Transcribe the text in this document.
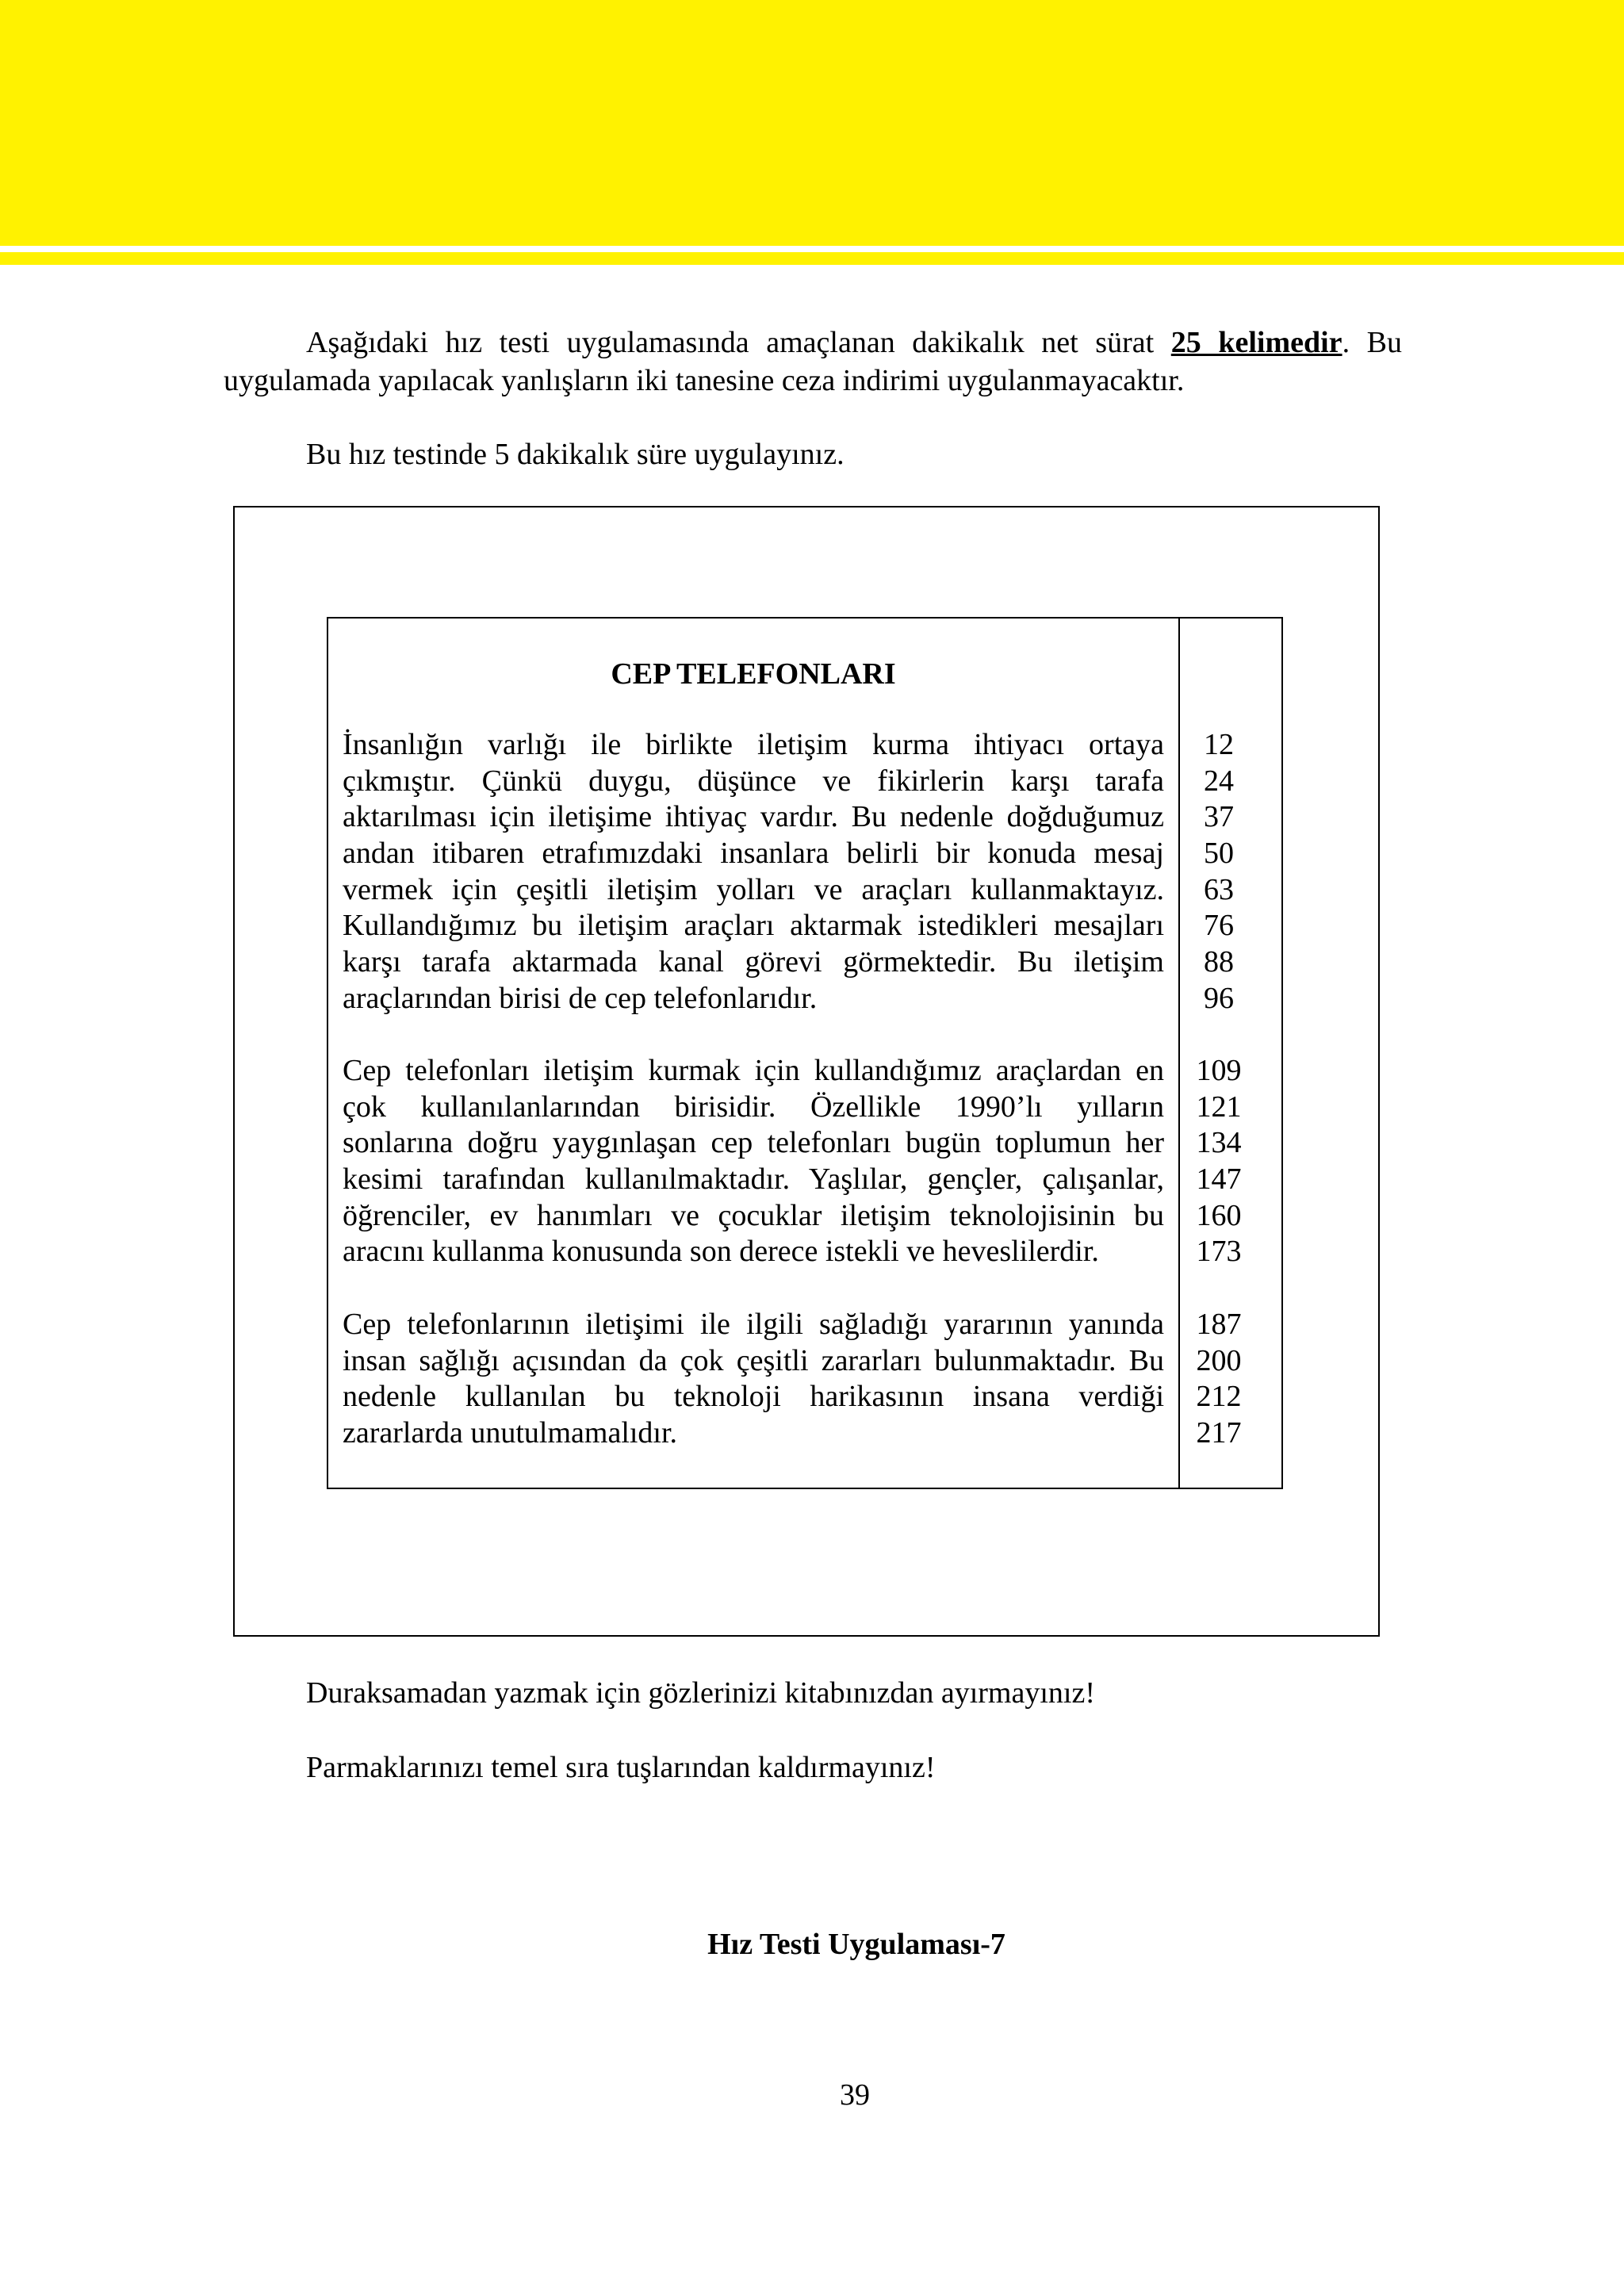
Aşağıdaki hız testi uygulamasında amaçlanan dakikalık net sürat 25 kelimedir. Bu uygulamada yapılacak yanlışların iki tanesine ceza indirimi uygulanmayacaktır.

Bu hız testinde 5 dakikalık süre uygulayınız.
CEP TELEFONLARI
İnsanlığın varlığı ile birlikte iletişim kurma ihtiyacı ortaya
çıkmıştır. Çünkü duygu, düşünce ve fikirlerin karşı tarafa
aktarılması için iletişime ihtiyaç vardır. Bu nedenle doğduğumuz
andan itibaren etrafımızdaki insanlara belirli bir konuda mesaj
vermek için çeşitli iletişim yolları ve araçları kullanmaktayız.
Kullandığımız bu iletişim araçları aktarmak istedikleri mesajları
karşı tarafa aktarmada kanal görevi görmektedir. Bu iletişim
araçlarından birisi de cep telefonlarıdır.
12
24
37
50
63
76
88
96
Cep telefonları iletişim kurmak için kullandığımız araçlardan en
çok kullanılanlarından birisidir. Özellikle 1990’lı yılların
sonlarına doğru yaygınlaşan cep telefonları bugün toplumun her
kesimi tarafından kullanılmaktadır. Yaşlılar, gençler, çalışanlar,
öğrenciler, ev hanımları ve çocuklar iletişim teknolojisinin bu
aracını kullanma konusunda son derece istekli ve heveslilerdir.
109
121
134
147
160
173
Cep telefonlarının iletişimi ile ilgili sağladığı yararının yanında
insan sağlığı açısından da çok çeşitli zararları bulunmaktadır. Bu
nedenle kullanılan bu teknoloji harikasının insana verdiği
zararlarda unutulmamalıdır.
187
200
212
217
Duraksamadan yazmak için gözlerinizi kitabınızdan ayırmayınız!
Parmaklarınızı temel sıra tuşlarından kaldırmayınız!
Hız Testi Uygulaması-7
39
